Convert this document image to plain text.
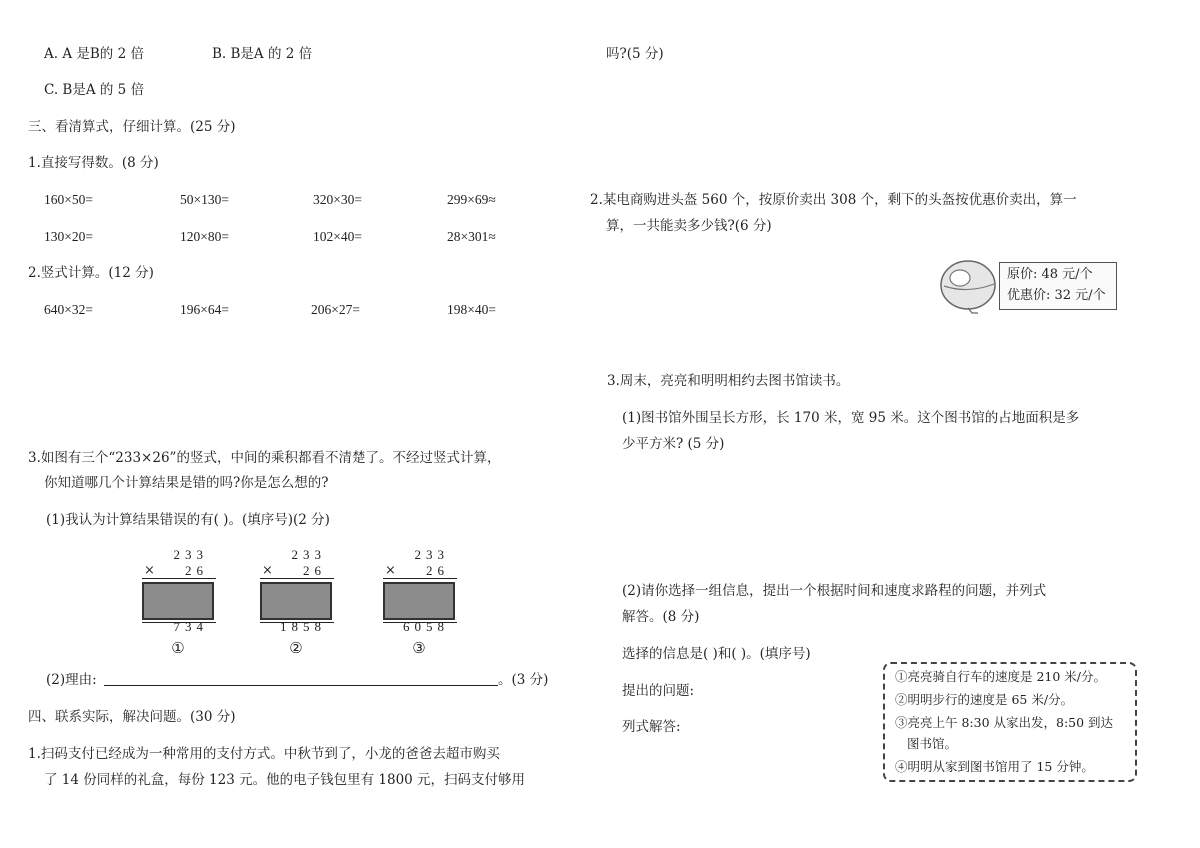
A. A 是B的 2 倍	B. B是A 的 2 倍
C. B是A 的 5 倍
三、看清算式，仔细计算。(25 分)
1.直接写得数。(8 分)
160×50=	50×130=	320×30=	299×69≈
130×20=	120×80=	102×40=	28×301≈
2.竖式计算。(12 分)
640×32=	196×64=	206×27=	198×40=
3.如图有三个“233×26”的竖式，中间的乘积都看不清楚了。不经过竖式计算，
你知道哪几个计算结果是错的吗?你是怎么想的?
(1)我认为计算结果错误的有( )。(填序号)(2 分)
233
× 26
734
①
233
× 26
1858
②
233
× 26
6058
③
(2)理由:	。(3 分)
四、联系实际，解决问题。(30 分)
1.扫码支付已经成为一种常用的支付方式。中秋节到了，小龙的爸爸去超市购买
了 14 份同样的礼盒，每份 123 元。他的电子钱包里有 1800 元，扫码支付够用
吗?(5 分)
2.某电商购进头盔 560 个，按原价卖出 308 个，剩下的头盔按优惠价卖出，算一
算，一共能卖多少钱?(6 分)
原价: 48 元/个
优惠价: 32 元/个
3.周末，亮亮和明明相约去图书馆读书。
(1)图书馆外围呈长方形，长 170 米，宽 95 米。这个图书馆的占地面积是多
少平方米? (5 分)
(2)请你选择一组信息，提出一个根据时间和速度求路程的问题，并列式
解答。(8 分)
选择的信息是( )和( )。(填序号)
提出的问题:
列式解答:
①亮亮骑自行车的速度是 210 米/分。
②明明步行的速度是 65 米/分。
③亮亮上午 8:30 从家出发，8:50 到达
图书馆。
④明明从家到图书馆用了 15 分钟。
